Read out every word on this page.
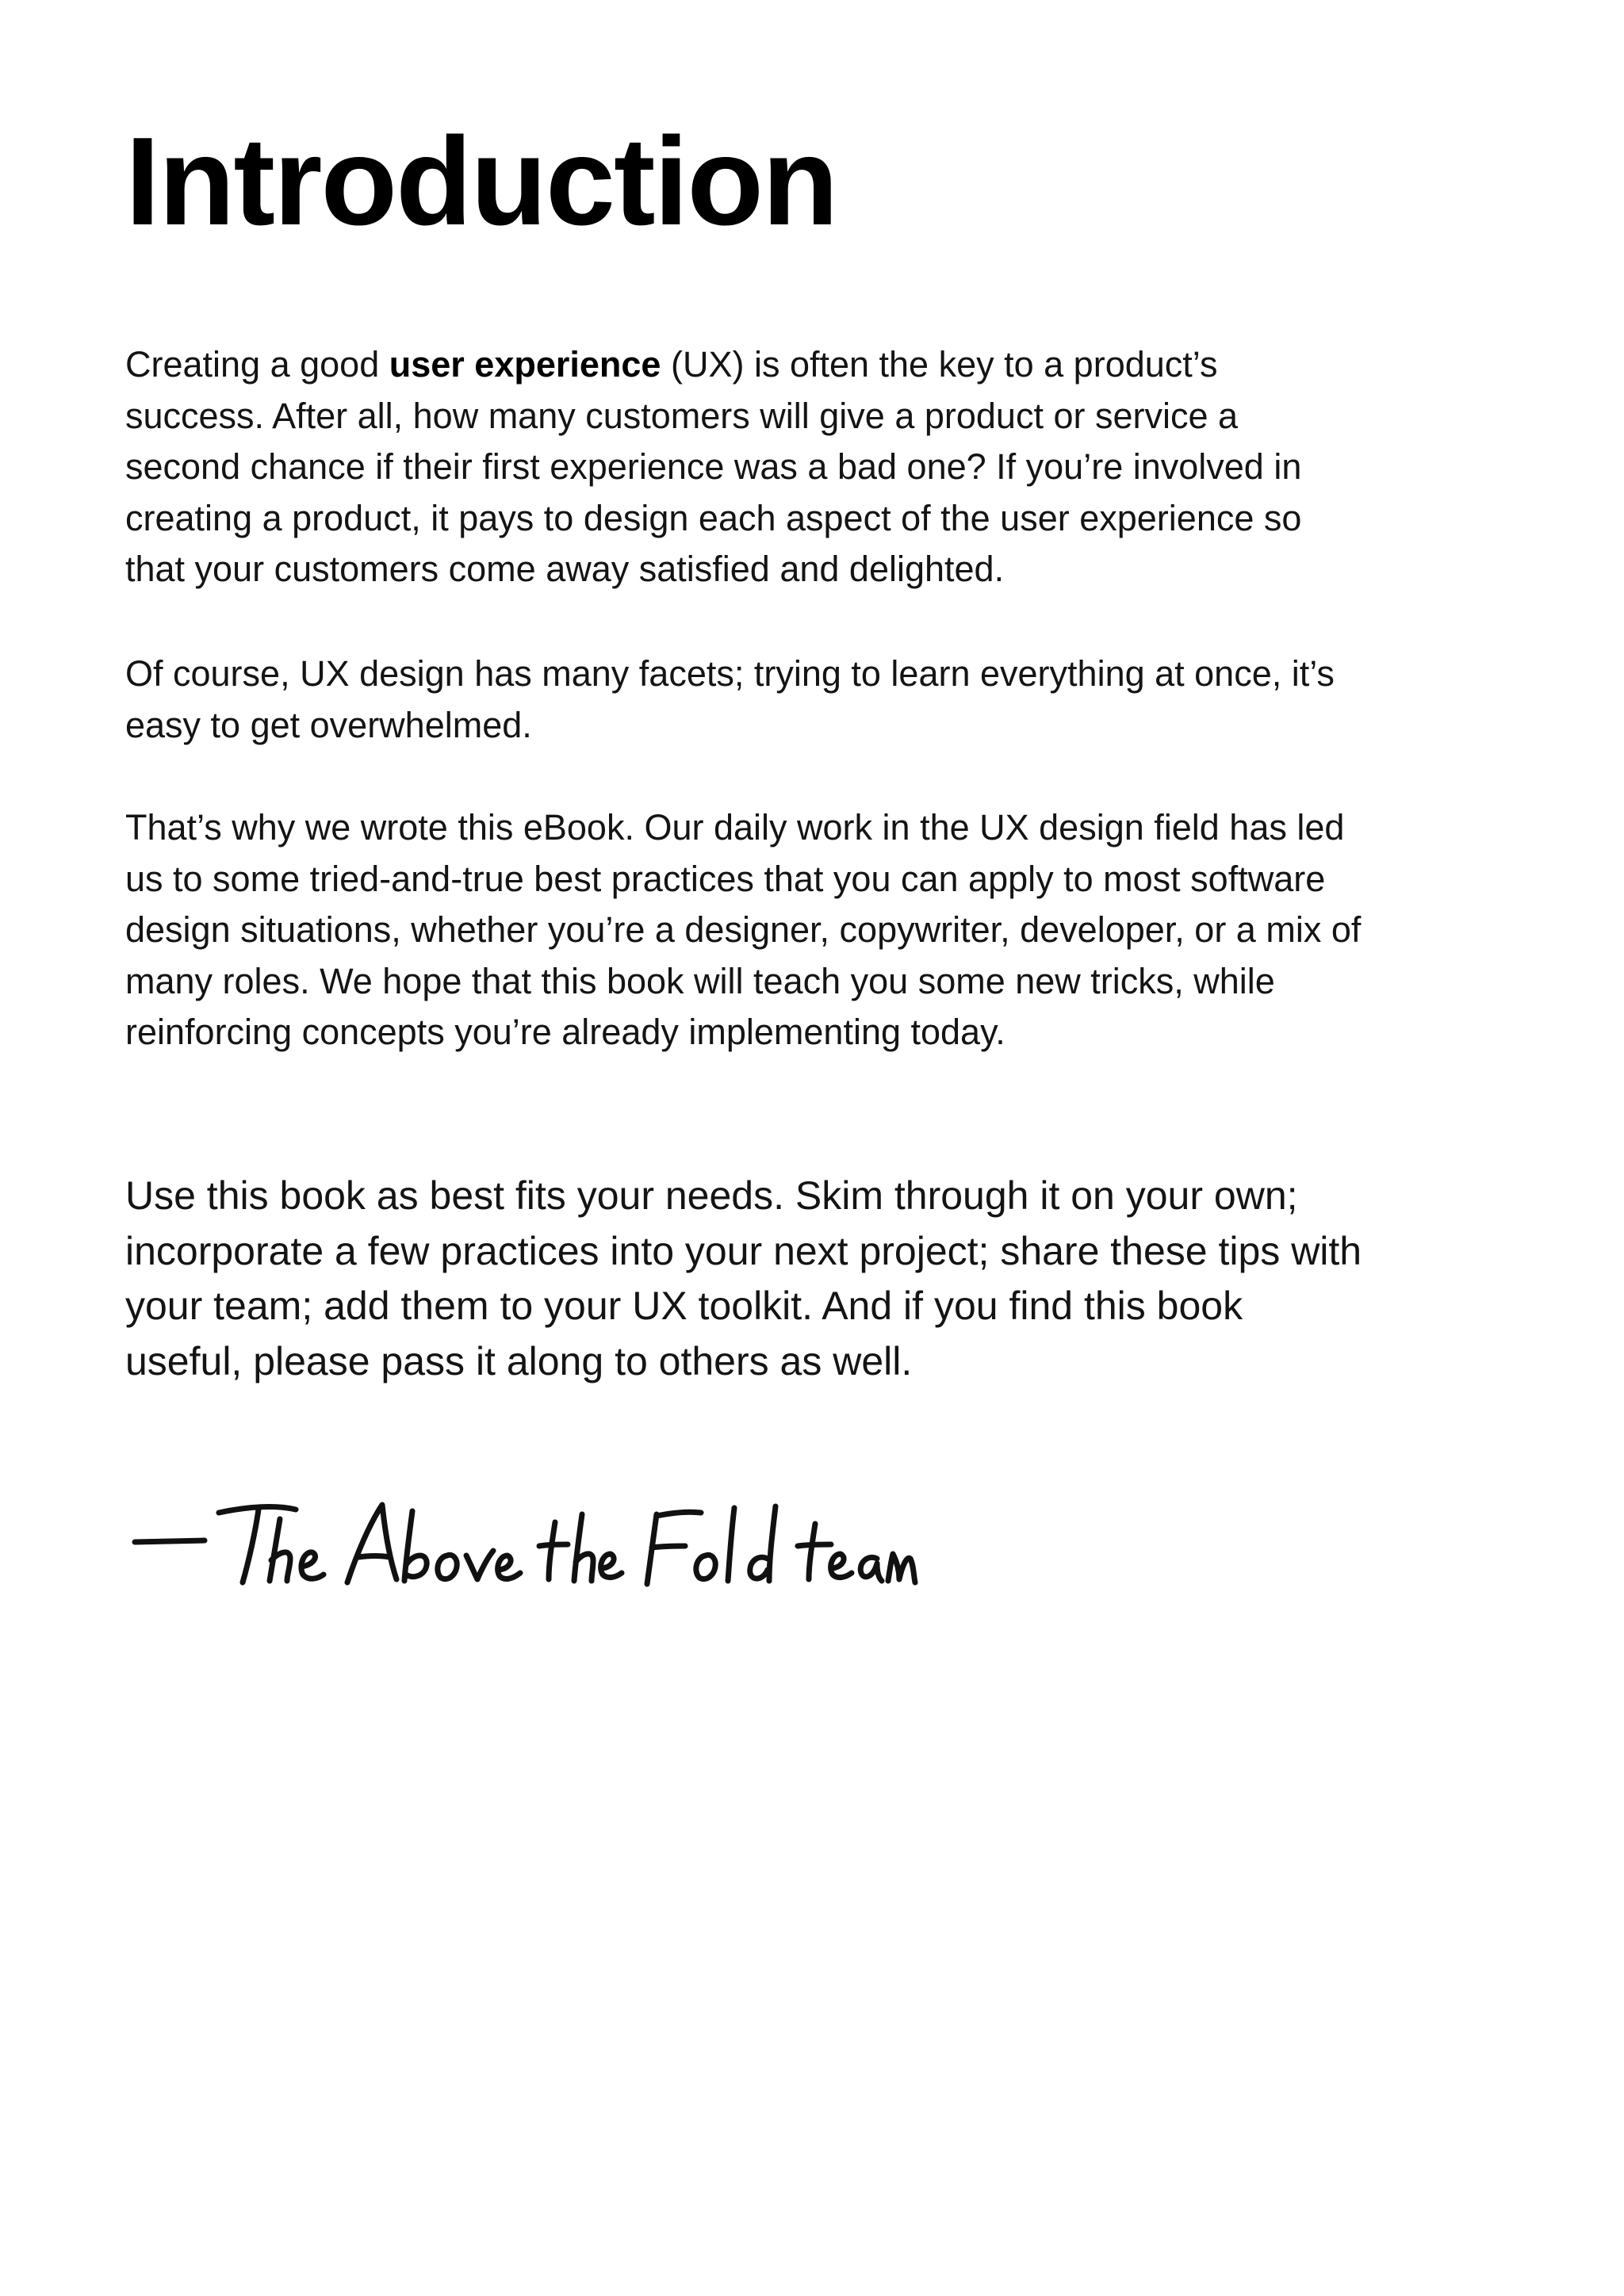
Introduction

Creating a good user experience (UX) is often the key to a product’s success. After all, how many customers will give a product or service a second chance if their first experience was a bad one? If you’re involved in creating a product, it pays to design each aspect of the user experience so that your customers come away satisfied and delighted.

Of course, UX design has many facets; trying to learn everything at once, it’s easy to get overwhelmed.

That’s why we wrote this eBook. Our daily work in the UX design field has led us to some tried-and-true best practices that you can apply to most software design situations, whether you’re a designer, copywriter, developer, or a mix of many roles. We hope that this book will teach you some new tricks, while reinforcing concepts you’re already implementing today.

Use this book as best fits your needs. Skim through it on your own; incorporate a few practices into your next project; share these tips with your team; add them to your UX toolkit. And if you find this book useful, please pass it along to others as well.
